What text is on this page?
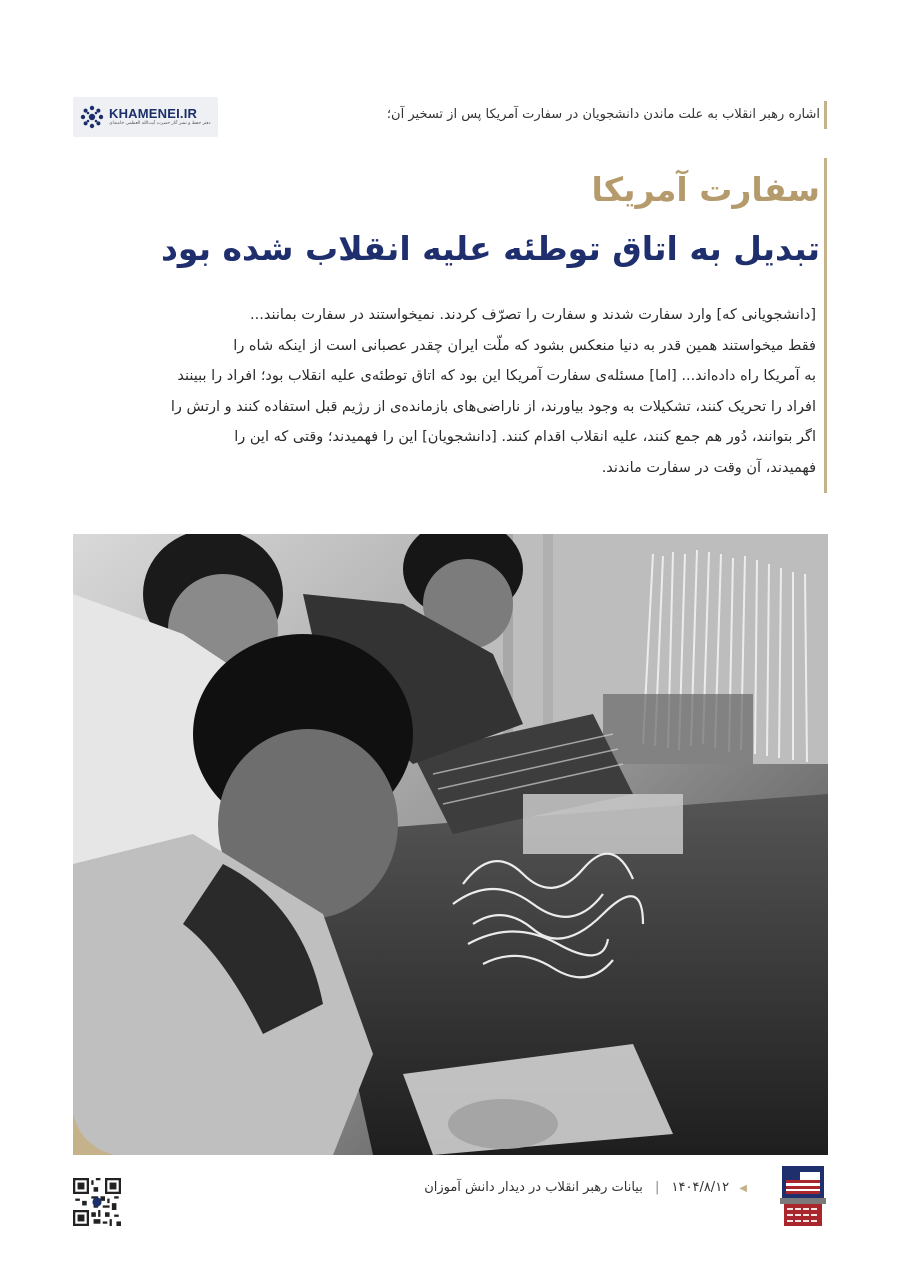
KHAMENEI.IR
دفتر حفظ و نشر آثار حضرت آیت‌الله العظمی خامنه‌ای
اشاره رهبر انقلاب به علت ماندن دانشجویان در سفارت آمریکا پس از تسخیر آن؛
سفارت آمریکا
تبدیل به اتاق توطئه علیه انقلاب شده بود
[دانشجویانی که] وارد سفارت شدند و سفارت را تصرّف کردند. نمیخواستند در سفارت بمانند...
فقط میخواستند همین قدر به دنیا منعکس بشود که ملّت ایران چقدر عصبانی است از اینکه شاه را
به آمریکا راه داده‌اند... [اما] مسئله‌ی سفارت آمریکا این بود که اتاق توطئه‌ی علیه انقلاب بود؛ افراد را ببینند
افراد را تحریک کنند، تشکیلات به وجود بیاورند، از ناراضی‌های بازمانده‌ی از رژیم قبل استفاده کنند و ارتش را
اگر بتوانند، دُور هم جمع کنند، علیه انقلاب اقدام کنند. [دانشجویان] این را فهمیدند؛ وقتی که این را
فهمیدند، آن وقت در سفارت ماندند.
◀ ۱۴۰۴/۸/۱۲ | بیانات رهبر انقلاب در دیدار دانش آموزان
